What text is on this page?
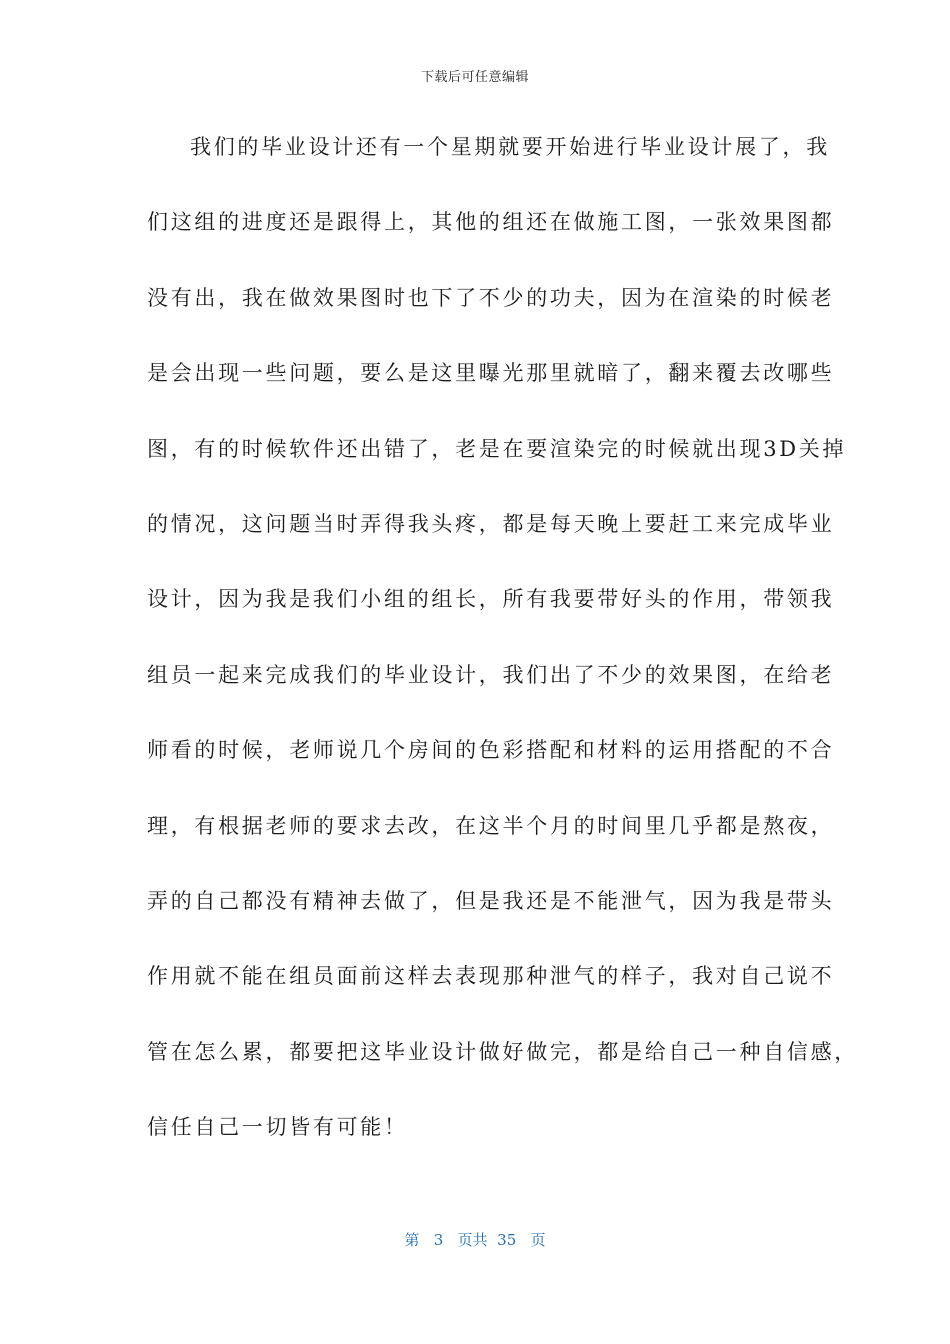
下载后可任意编辑
我们的毕业设计还有一个星期就要开始进行毕业设计展了，我
们这组的进度还是跟得上，其他的组还在做施工图，一张效果图都
没有出，我在做效果图时也下了不少的功夫，因为在渲染的时候老
是会出现一些问题，要么是这里曝光那里就暗了，翻来覆去改哪些
图，有的时候软件还出错了，老是在要渲染完的时候就出现3D关掉
的情况，这问题当时弄得我头疼，都是每天晚上要赶工来完成毕业
设计，因为我是我们小组的组长，所有我要带好头的作用，带领我
组员一起来完成我们的毕业设计，我们出了不少的效果图，在给老
师看的时候，老师说几个房间的色彩搭配和材料的运用搭配的不合
理，有根据老师的要求去改，在这半个月的时间里几乎都是熬夜，
弄的自己都没有精神去做了，但是我还是不能泄气，因为我是带头
作用就不能在组员面前这样去表现那种泄气的样子，我对自己说不
管在怎么累，都要把这毕业设计做好做完，都是给自己一种自信感，
信任自己一切皆有可能！
第 3 页共 35 页
